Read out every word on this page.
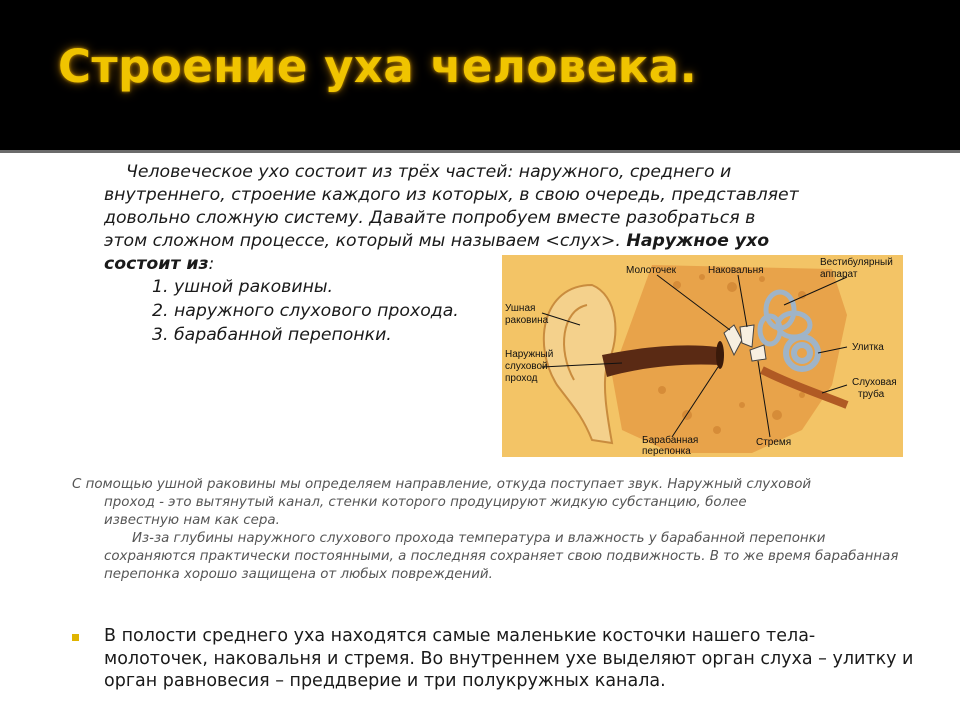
Строение уха человека.
Человеческое ухо состоит из трёх частей: наружного, среднего и
внутреннего, строение каждого из которых, в свою очередь, представляет
довольно сложную систему. Давайте попробуем вместе разобраться в
этом сложном процессе, который мы называем <слух>. Наружное ухо
состоит из:
1. ушной раковины.
2. наружного слухового прохода.
3. барабанной перепонки.
Молоточек	Наковальня
Вестибулярный
аппарат
Ушная
раковина
Наружный
слуховой
проход
Улитка
Слуховая
труба
Барабанная
перепонка
Стремя
С помощью ушной раковины мы определяем направление, откуда поступает звук. Наружный слуховой
проход - это вытянутый канал, стенки которого продуцируют жидкую субстанцию, более
известную нам как сера.
Из-за глубины наружного слухового прохода температура и влажность у барабанной перепонки сохраняются практически постоянными, а последняя сохраняет свою подвижность. В то же время барабанная перепонка хорошо защищена от любых повреждений.
В полости среднего уха находятся самые маленькие косточки нашего тела- молоточек, наковальня и стремя. Во внутреннем ухе выделяют орган слуха – улитку и орган равновесия – преддверие и три полукружных канала.
